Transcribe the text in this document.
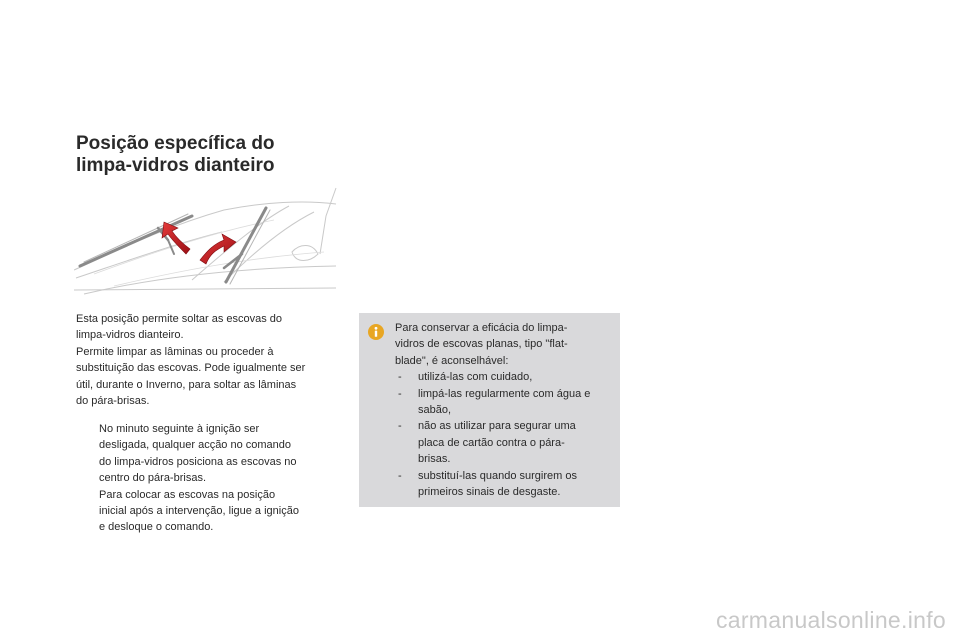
Posição específica do
limpa-vidros dianteiro

Esta posição permite soltar as escovas do
limpa-vidros dianteiro.
Permite limpar as lâminas ou proceder à
substituição das escovas. Pode igualmente ser
útil, durante o Inverno, para soltar as lâminas
do pára-brisas.

No minuto seguinte à ignição ser
desligada, qualquer acção no comando
do limpa-vidros posiciona as escovas no
centro do pára-brisas.
Para colocar as escovas na posição
inicial após a intervenção, ligue a ignição
e desloque o comando.

Para conservar a eficácia do limpa-
vidros de escovas planas, tipo "flat-
blade", é aconselhável:

- utilizá-las com cuidado,
- limpá-las regularmente com água e
sabão,
- não as utilizar para segurar uma
placa de cartão contra o pára-
brisas.
- substituí-las quando surgirem os
primeiros sinais de desgaste.
carmanualsonline.info
